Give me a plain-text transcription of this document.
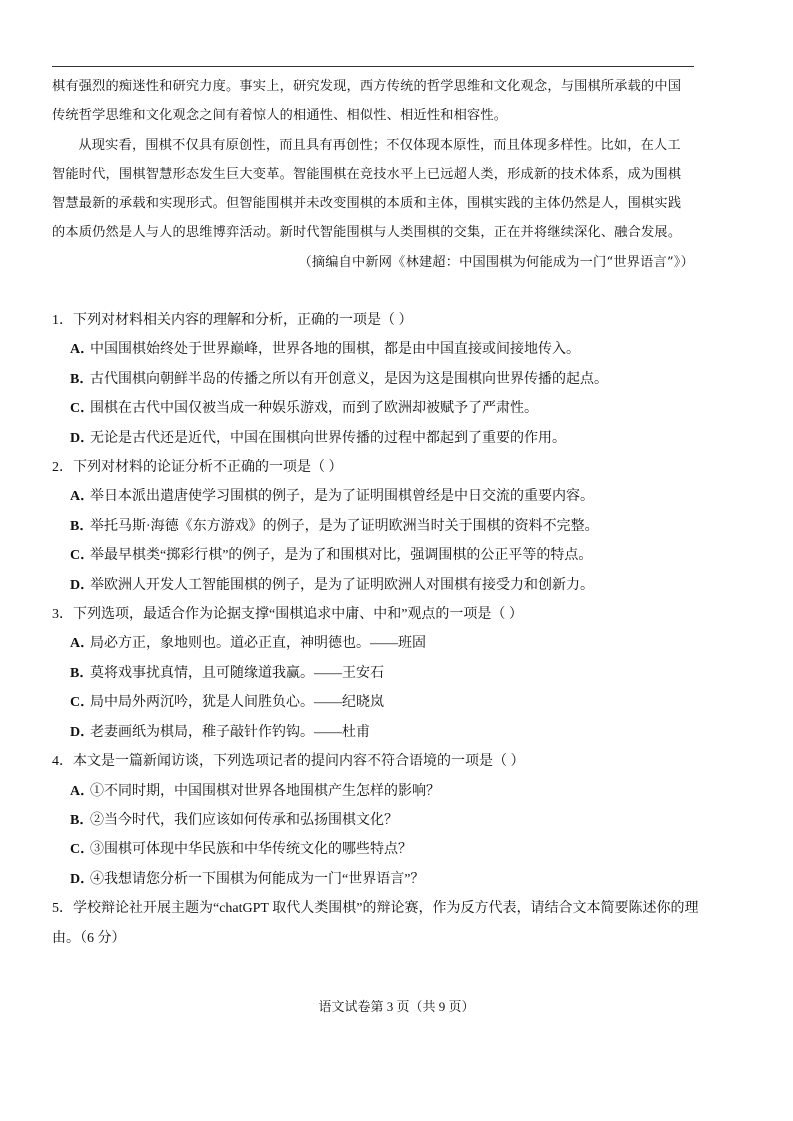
棋有强烈的痴迷性和研究力度。事实上，研究发现，西方传统的哲学思维和文化观念，与围棋所承载的中国传统哲学思维和文化观念之间有着惊人的相通性、相似性、相近性和相容性。

从现实看，围棋不仅具有原创性，而且具有再创性；不仅体现本原性，而且体现多样性。比如，在人工智能时代，围棋智慧形态发生巨大变革。智能围棋在竞技水平上已远超人类，形成新的技术体系，成为围棋智慧最新的承载和实现形式。但智能围棋并未改变围棋的本质和主体，围棋实践的主体仍然是人，围棋实践的本质仍然是人与人的思维博弈活动。新时代智能围棋与人类围棋的交集，正在并将继续深化、融合发展。

（摘编自中新网《林建超：中国围棋为何能成为一门“世界语言”》）

1．下列对材料相关内容的理解和分析，正确的一项是（ ）

A．中国围棋始终处于世界巅峰，世界各地的围棋，都是由中国直接或间接地传入。

B．古代围棋向朝鲜半岛的传播之所以有开创意义，是因为这是围棋向世界传播的起点。

C．围棋在古代中国仅被当成一种娱乐游戏，而到了欧洲却被赋予了严肃性。

D．无论是古代还是近代，中国在围棋向世界传播的过程中都起到了重要的作用。

2．下列对材料的论证分析不正确的一项是（ ）

A．举日本派出遣唐使学习围棋的例子，是为了证明围棋曾经是中日交流的重要内容。

B．举托马斯·海德《东方游戏》的例子，是为了证明欧洲当时关于围棋的资料不完整。

C．举最早棋类“掷彩行棋”的例子，是为了和围棋对比，强调围棋的公正平等的特点。

D．举欧洲人开发人工智能围棋的例子，是为了证明欧洲人对围棋有接受力和创新力。

3．下列选项，最适合作为论据支撑“围棋追求中庸、中和”观点的一项是（ ）

A．局必方正，象地则也。道必正直，神明德也。——班固

B．莫将戏事扰真情，且可随缘道我赢。——王安石

C．局中局外两沉吟，犹是人间胜负心。——纪晓岚

D．老妻画纸为棋局，稚子敲针作钓钩。——杜甫

4．本文是一篇新闻访谈，下列选项记者的提问内容不符合语境的一项是（ ）

A．①不同时期，中国围棋对世界各地围棋产生怎样的影响？

B．②当今时代，我们应该如何传承和弘扬围棋文化？

C．③围棋可体现中华民族和中华传统文化的哪些特点？

D．④我想请您分析一下围棋为何能成为一门“世界语言”？

5．学校辩论社开展主题为“chatGPT 取代人类围棋”的辩论赛，作为反方代表，请结合文本简要陈述你的理由。（6 分）

语文试卷第 3 页（共 9 页）
